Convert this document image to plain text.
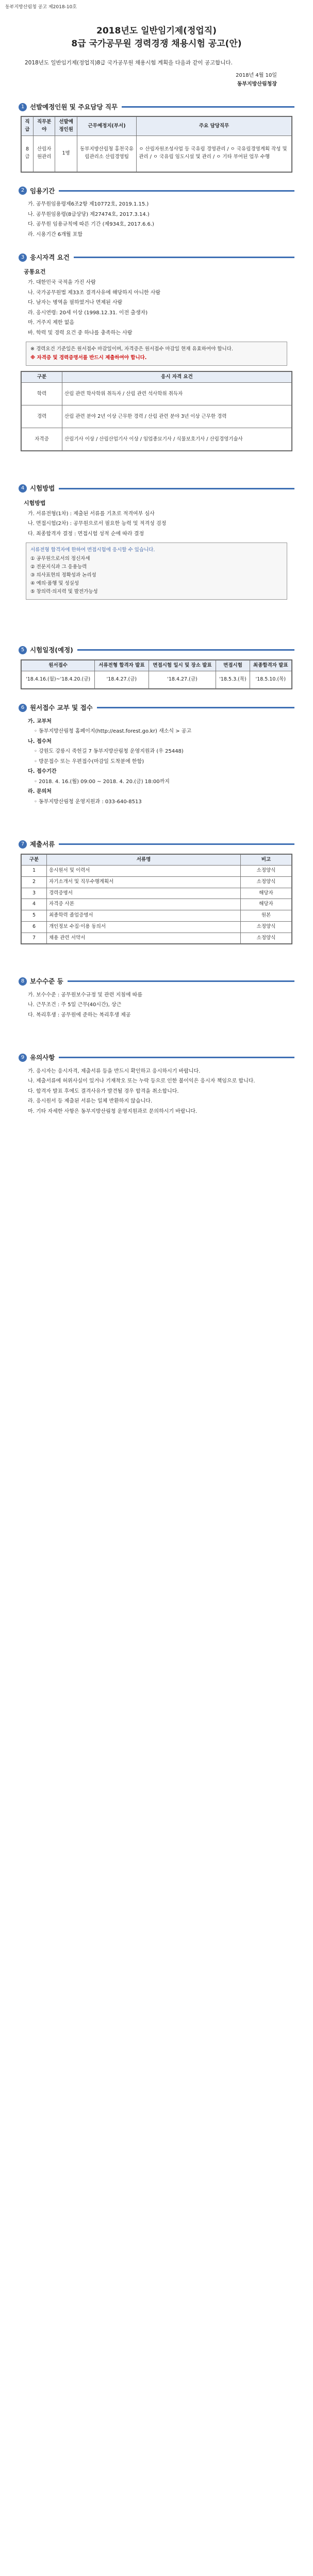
동부지방산림청 공고 제2018-10호
2018년도 일반임기제(정업직)
8급 국가공무원 경력경쟁 채용시험 공고(안)
2018년도 일반임기제(정업직)8급 국가공무원 채용시험 계획을 다음과 같이 공고합니다.
2018년 4월 10일
동부지방산림청장
1 선발예정인원 및 주요담당 직무
직급	직무분야	선발예정인원	근무예정지(부서)	주요 담당직무
8급	산림자원관리	1명	동부지방산림청 홍천국유림관리소 산림경영팀	ㅇ 산림자원조성사업 등 국유림 경영관리 / ㅇ 국유림경영계획 작성 및 관리 / ㅇ 국유림 임도시설 및 관리 / ㅇ 기타 부여된 업무 수행
2 임용기간
가. 공무원임용령제6조2항 제10772호, 2019.1.15.)
나. 공무원임용령(8급상당) 제27474호, 2017.3.14.)
다. 공무원 임용규칙에 따른 기간 (제934호, 2017.6.6.)
라. 시용기간 6개월 포함
3 응시자격 요건
공통요건
가. 대한민국 국적을 가진 사람
나. 국가공무원법 제33조 결격사유에 해당하지 아니한 사람
다. 남자는 병역을 필하였거나 면제된 사람
라. 응시연령: 20세 이상 (1998.12.31. 이전 출생자)
마. 거주지 제한 없음
바. 학력 및 경력 요건 중 하나를 충족하는 사람
※ 경력요건 기준일은 원서접수 마감일이며, 자격증은 원서접수 마감일 현재 유효하여야 합니다.
※ 자격증 및 경력증명서를 반드시 제출하여야 합니다.
구분	응시 자격 요건
학력	산림 관련 학사학위 취득자 / 산림 관련 석사학위 취득자
경력	산림 관련 분야 2년 이상 근무한 경력 / 산림 관련 분야 3년 이상 근무한 경력
자격증	산림기사 이상 / 산림산업기사 이상 / 임업종묘기사 / 식물보호기사 / 산림경영기술사
4 시험방법
시험방법
가. 서류전형(1차) : 제출된 서류를 기초로 적격여부 심사
나. 면접시험(2차) : 공무원으로서 필요한 능력 및 적격성 검정
다. 최종합격자 결정 : 면접시험 성적 순에 따라 결정
서류전형 합격자에 한하여 면접시험에 응시할 수 있습니다.
① 공무원으로서의 정신자세
② 전문지식과 그 응용능력
③ 의사표현의 정확성과 논리성
④ 예의·품행 및 성실성
⑤ 창의력·의지력 및 발전가능성
5 시험일정(예정)
원서접수	서류전형 합격자 발표	면접시험 일시 및 장소 발표	면접시험	최종합격자 발표
'18.4.16.(월)~'18.4.20.(금)	'18.4.27.(금)	'18.4.27.(금)	'18.5.3.(목)	'18.5.10.(목)
6 원서접수 교부 및 접수
가. 교부처
◦ 동부지방산림청 홈페이지(http://east.forest.go.kr) 새소식 > 공고
나. 접수처
◦ 강원도 강릉시 죽헌길 7 동부지방산림청 운영지원과 (우 25448)
◦ 방문접수 또는 우편접수(마감일 도착분에 한함)
다. 접수기간
◦ 2018. 4. 16.(월) 09:00 ~ 2018. 4. 20.(금) 18:00까지
라. 문의처
◦ 동부지방산림청 운영지원과 : 033-640-8513
7 제출서류
구분	서류명	비고
1	응시원서 및 이력서	소정양식
2	자기소개서 및 직무수행계획서	소정양식
3	경력증명서	해당자
4	자격증 사본	해당자
5	최종학력 졸업증명서	원본
6	개인정보 수집·이용 동의서	소정양식
7	채용 관련 서약서	소정양식
8 보수수준 등
가. 보수수준 : 공무원보수규정 및 관련 지침에 따름
나. 근무조건 : 주 5일 근무(40시간), 상근
다. 복리후생 : 공무원에 준하는 복리후생 제공
9 유의사항
가. 응시자는 응시자격, 제출서류 등을 반드시 확인하고 응시하시기 바랍니다.
나. 제출서류에 허위사실이 있거나 기재착오 또는 누락 등으로 인한 불이익은 응시자 책임으로 합니다.
다. 합격자 발표 후에도 결격사유가 발견될 경우 합격을 취소합니다.
라. 응시원서 등 제출된 서류는 일체 반환하지 않습니다.
마. 기타 자세한 사항은 동부지방산림청 운영지원과로 문의하시기 바랍니다.
